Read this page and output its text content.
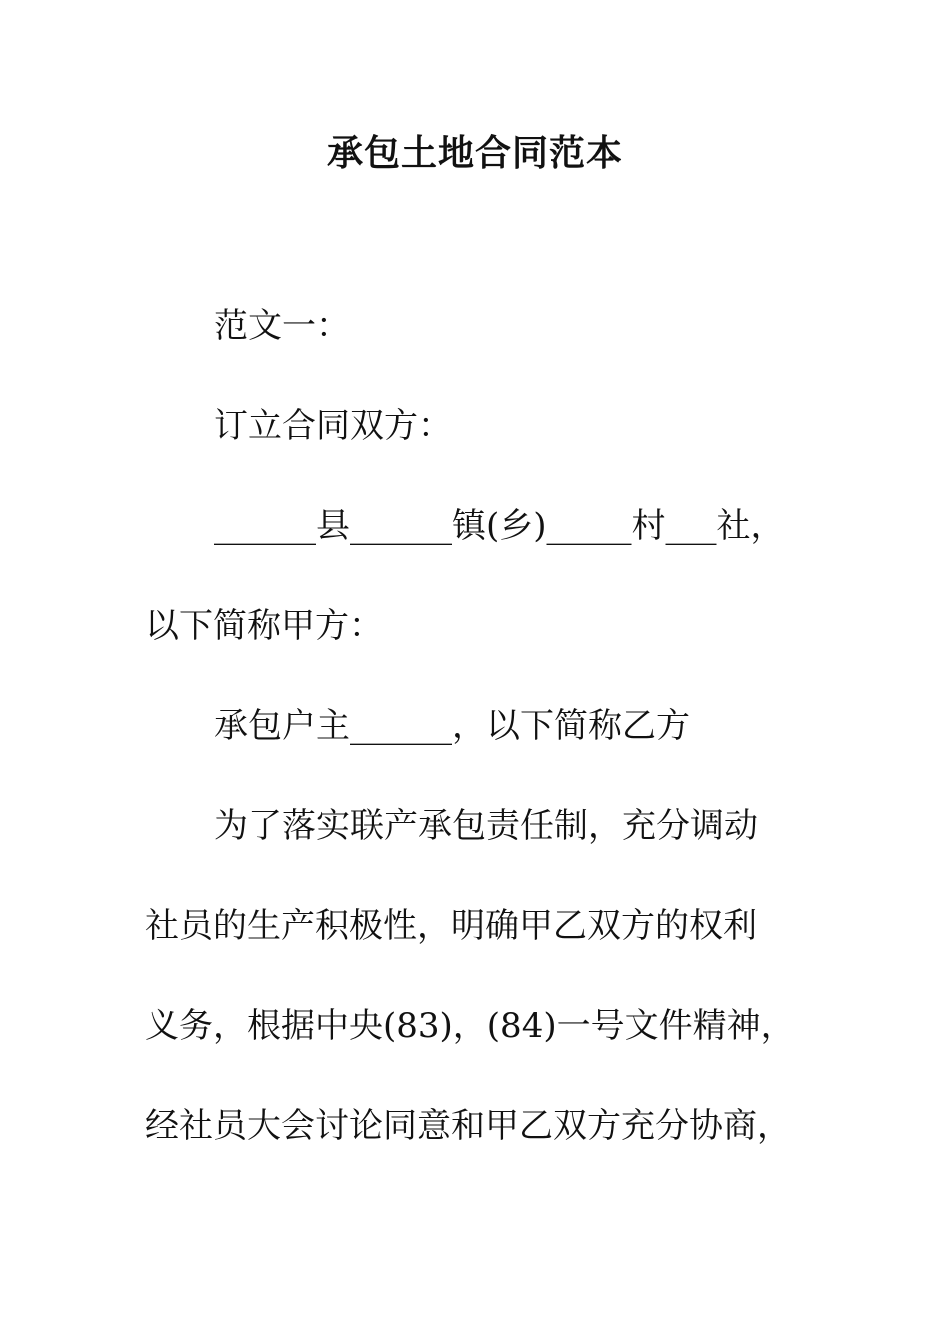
承包土地合同范本
范文一：
订立合同双方：
______县______镇(乡)_____村___社，
以下简称甲方：
承包户主______，以下简称乙方
为了落实联产承包责任制，充分调动
社员的生产积极性，明确甲乙双方的权利
义务，根据中央(83)，(84)一号文件精神，
经社员大会讨论同意和甲乙双方充分协商，
